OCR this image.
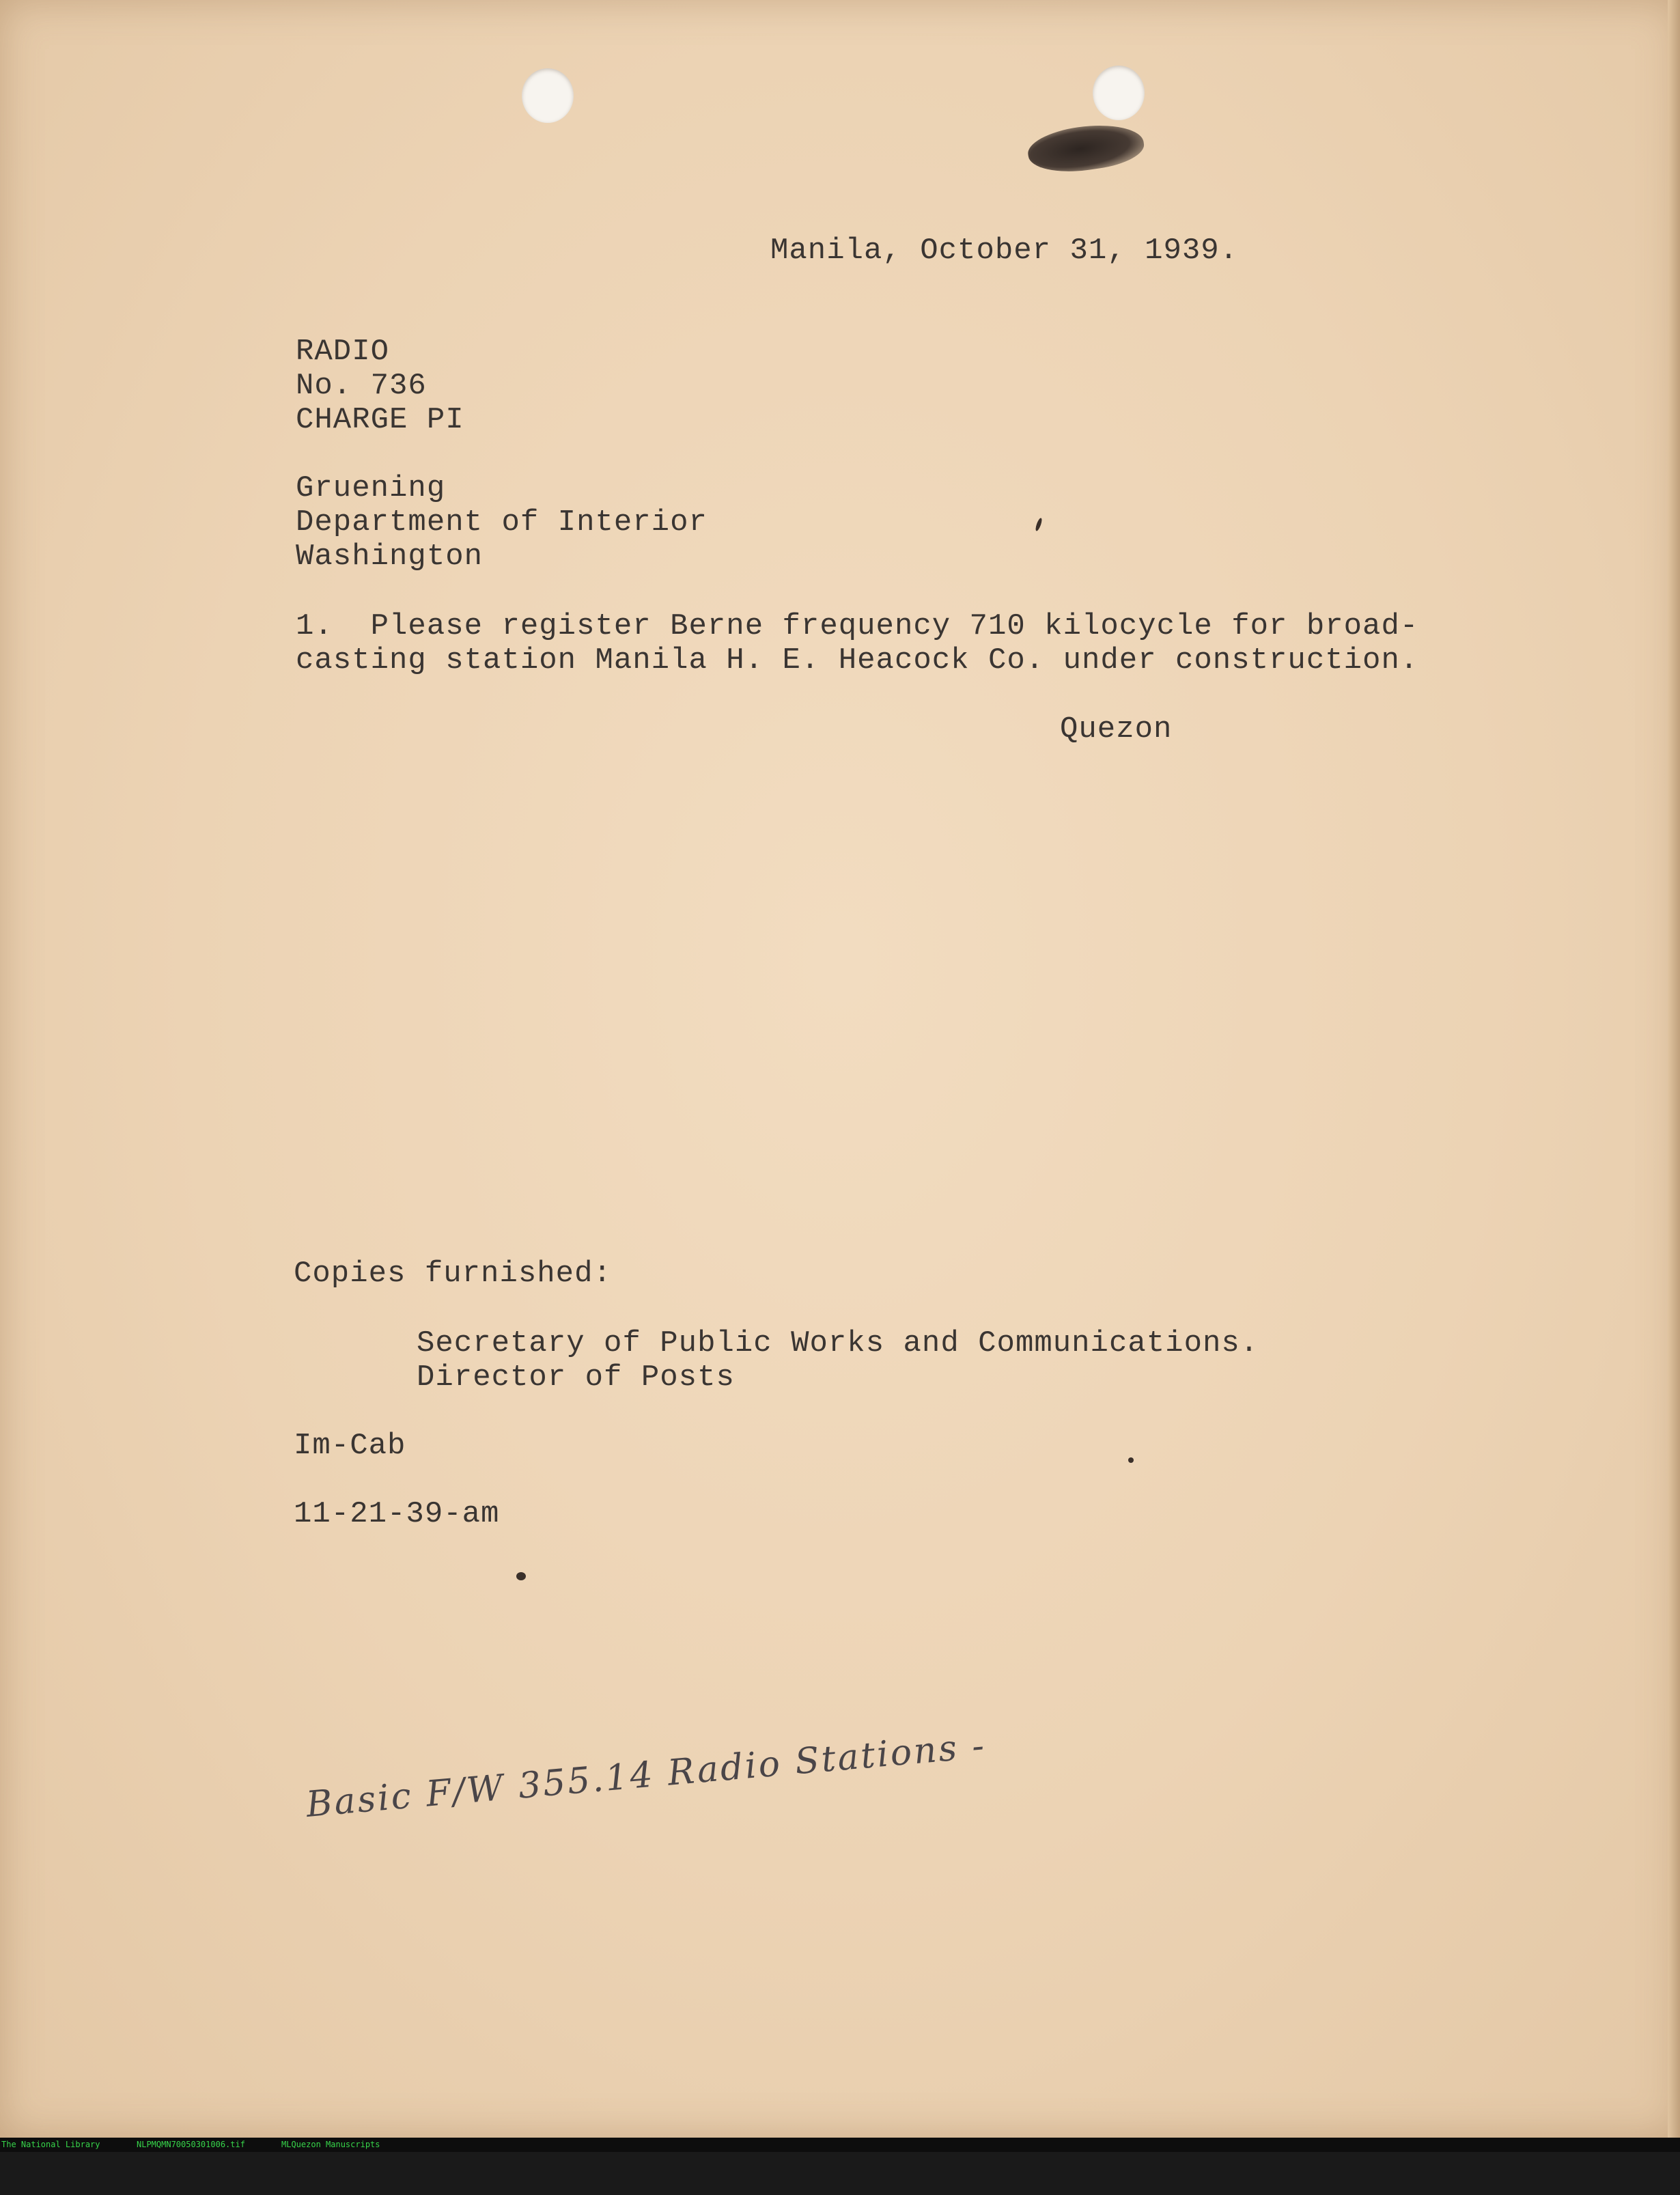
Manila, October 31, 1939.

RADIO

No. 736

CHARGE PI

Gruening

Department of Interior

Washington

1.  Please register Berne frequency 710 kilocycle for broad-

casting station Manila H. E. Heacock Co. under construction.

Quezon

Copies furnished:

Secretary of Public Works and Communications.

Director of Posts

Im-Cab

11-21-39-am

Basic F/W 355.14 Radio Stations -

The National Library

	NLPMQMN70050301006.tif

	MLQuezon Manuscripts
